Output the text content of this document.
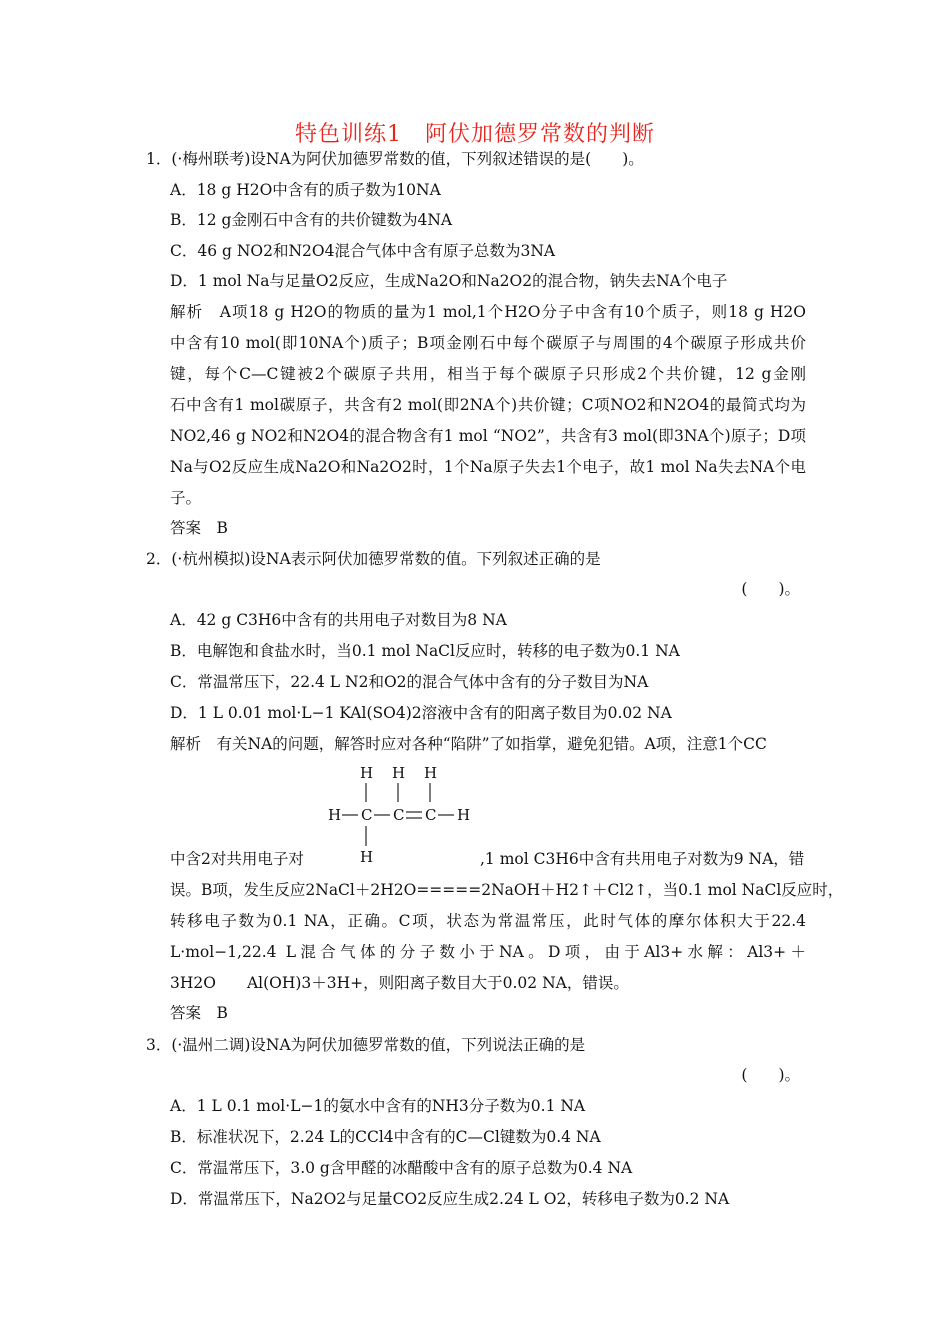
特色训练1　阿伏加德罗常数的判断
1．(·梅州联考)设NA为阿伏加德罗常数的值，下列叙述错误的是(　　)。
A．18 g H2O中含有的质子数为10NA
B．12 g金刚石中含有的共价键数为4NA
C．46 g NO2和N2O4混合气体中含有原子总数为3NA
D．1 mol Na与足量O2反应，生成Na2O和Na2O2的混合物，钠失去NA个电子
解析　A项18 g H2O的物质的量为1 mol,1个H2O分子中含有10个质子，则18 g H2O
中含有10 mol(即10NA个)质子；B项金刚石中每个碳原子与周围的4个碳原子形成共价
键，每个C—C键被2个碳原子共用，相当于每个碳原子只形成2个共价键，12 g金刚
石中含有1 mol碳原子，共含有2 mol(即2NA个)共价键；C项NO2和N2O4的最简式均为
NO2,46 g NO2和N2O4的混合物含有1 mol “NO2”，共含有3 mol(即3NA个)原子；D项
Na与O2反应生成Na2O和Na2O2时，1个Na原子失去1个电子，故1 mol Na失去NA个电
子。
答案　B
2．(·杭州模拟)设NA表示阿伏加德罗常数的值。下列叙述正确的是
(　　)。
A．42 g C3H6中含有的共用电子对数目为8 NA
B．电解饱和食盐水时，当0.1 mol NaCl反应时，转移的电子数为0.1 NA
C．常温常压下，22.4 L N2和O2的混合气体中含有的分子数目为NA
D．1 L 0.01 mol·L−1 KAl(SO4)2溶液中含有的阳离子数目为0.02 NA
解析　有关NA的问题，解答时应对各种“陷阱”了如指掌，避免犯错。A项，注意1个CC
H H H
H C C C H
H
中含2对共用电子对	,1 mol C3H6中含有共用电子对数为9 NA，错
误。B项，发生反应2NaCl＋2H2O=====2NaOH＋H2↑＋Cl2↑，当0.1 mol NaCl反应时，
转移电子数为0.1 NA，正确。C项，状态为常温常压，此时气体的摩尔体积大于22.4
L·mol−1,22.4 L混合气体的分子数小于NA。D项，由于Al3+水解：Al3+＋
3H2O　　Al(OH)3＋3H+，则阳离子数目大于0.02 NA，错误。
答案　B
3．(·温州二调)设NA为阿伏加德罗常数的值，下列说法正确的是
(　　)。
A．1 L 0.1 mol·L−1的氨水中含有的NH3分子数为0.1 NA
B．标准状况下，2.24 L的CCl4中含有的C—Cl键数为0.4 NA
C．常温常压下，3.0 g含甲醛的冰醋酸中含有的原子总数为0.4 NA
D．常温常压下，Na2O2与足量CO2反应生成2.24 L O2，转移电子数为0.2 NA
